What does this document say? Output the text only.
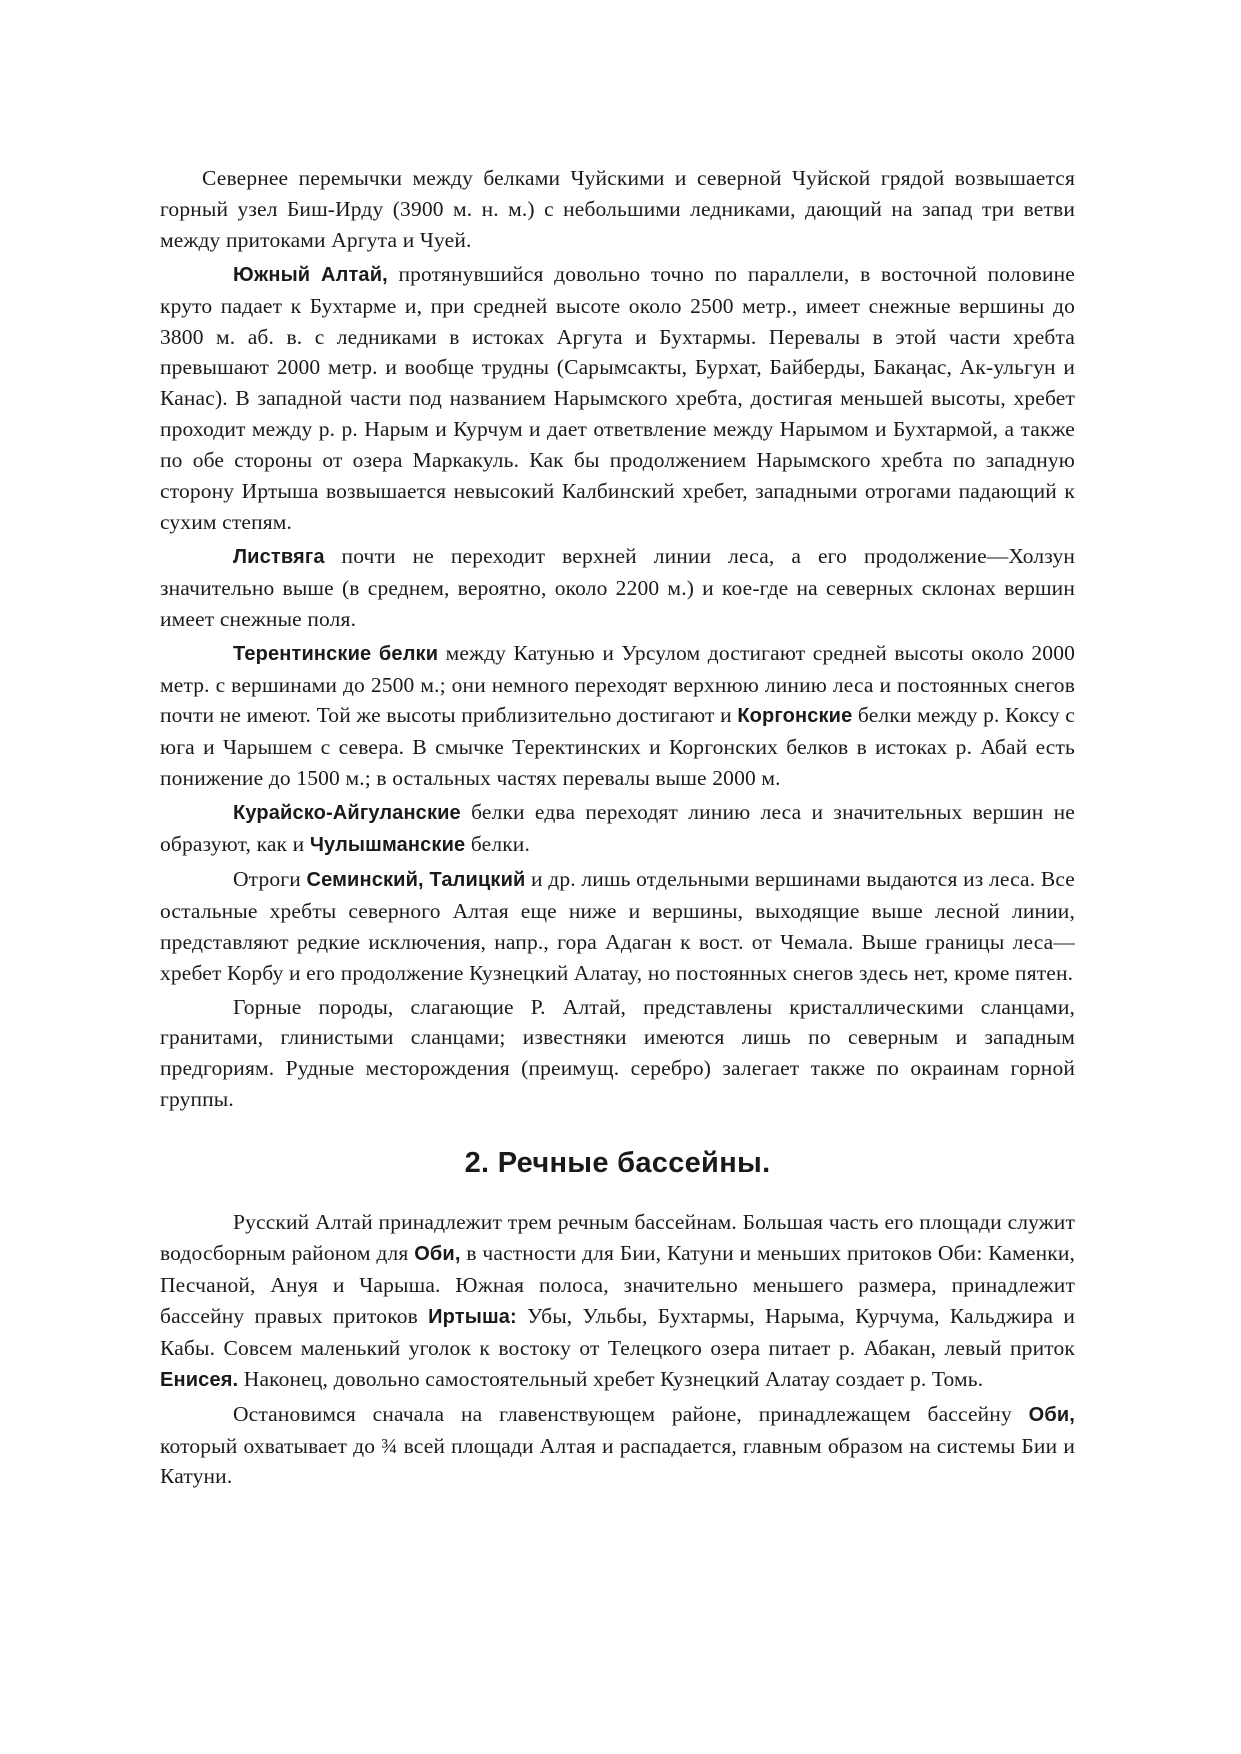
Севернее перемычки между белками Чуйскими и северной Чуйской грядой возвышается горный узел Биш-Ирду (3900 м. н. м.) с небольшими ледниками, дающий на запад три ветви между притоками Аргута и Чуей.

Южный Алтай, протянувшийся довольно точно по параллели, в восточной половине круто падает к Бухтарме и, при средней высоте около 2500 метр., имеет снежные вершины до 3800 м. аб. в. с ледниками в истоках Аргута и Бухтармы. Перевалы в этой части хребта превышают 2000 метр. и вообще трудны (Сарымсакты, Бурхат, Байберды, Бакаңас, Ак-ульгун и Канас). В западной части под названием Нарымского хребта, достигая меньшей высоты, хребет проходит между р. р. Нарым и Курчум и дает ответвление между Нарымом и Бухтармой, а также по обе стороны от озера Маркакуль. Как бы продолжением Нарымского хребта по западную сторону Иртыша возвышается невысокий Калбинский хребет, западными отрогами падающий к сухим степям.

Листвяга почти не переходит верхней линии леса, а его продолжение—Холзун значительно выше (в среднем, вероятно, около 2200 м.) и кое-где на северных склонах вершин имеет снежные поля.

Терентинские белки между Катунью и Урсулом достигают средней высоты около 2000 метр. с вершинами до 2500 м.; они немного переходят верхнюю линию леса и постоянных снегов почти не имеют. Той же высоты приблизительно достигают и Коргонские белки между р. Коксу с юга и Чарышем с севера. В смычке Теректинских и Коргонских белков в истоках р. Абай есть понижение до 1500 м.; в остальных частях перевалы выше 2000 м.

Курайско-Айгуланские белки едва переходят линию леса и значительных вершин не образуют, как и Чулышманские белки.

Отроги Семинский, Талицкий и др. лишь отдельными вершинами выдаются из леса. Все остальные хребты северного Алтая еще ниже и вершины, выходящие выше лесной линии, представляют редкие исключения, напр., гора Адаган к вост. от Чемала. Выше границы леса—хребет Корбу и его продолжение Кузнецкий Алатау, но постоянных снегов здесь нет, кроме пятен.

Горные породы, слагающие Р. Алтай, представлены кристаллическими сланцами, гранитами, глинистыми сланцами; известняки имеются лишь по северным и западным предгориям. Рудные месторождения (преимущ. серебро) залегает также по окраинам горной группы.

2. Речные бассейны.

Русский Алтай принадлежит трем речным бассейнам. Большая часть его площади служит водосборным районом для Оби, в частности для Бии, Катуни и меньших притоков Оби: Каменки, Песчаной, Ануя и Чарыша. Южная полоса, значительно меньшего размера, принадлежит бассейну правых притоков Иртыша: Убы, Ульбы, Бухтармы, Нарыма, Курчума, Кальджира и Кабы. Совсем маленький уголок к востоку от Телецкого озера питает р. Абакан, левый приток Енисея. Наконец, довольно самостоятельный хребет Кузнецкий Алатау создает р. Томь.

Остановимся сначала на главенствующем районе, принадлежащем бассейну Оби, который охватывает до ¾ всей площади Алтая и распадается, главным образом на системы Бии и Катуни.
